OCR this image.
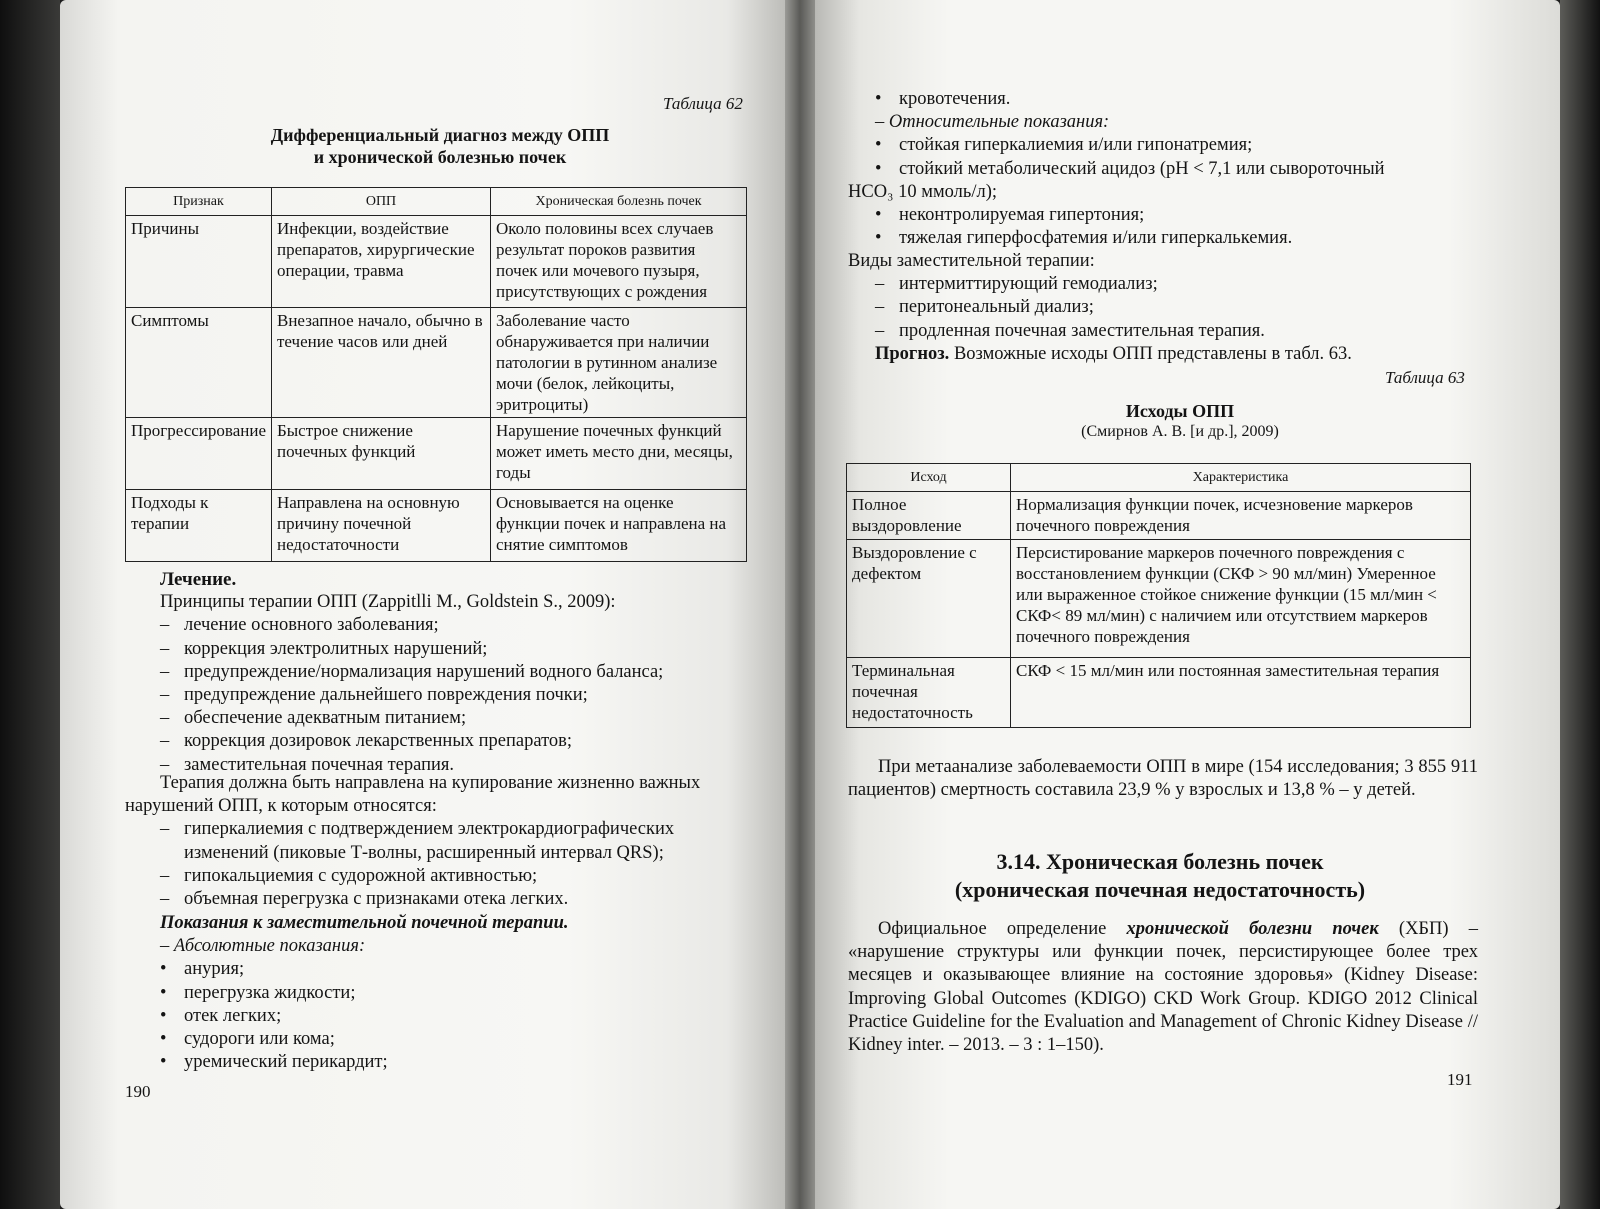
Таблица 62
Дифференциальный диагноз между ОПП
и хронической болезнью почек
Признак	ОПП	Хроническая болезнь почек
Причины	Инфекции, воздействие препаратов, хирургические операции, травма	Около половины всех случаев результат пороков развития почек или мочевого пузыря, присутствующих с рождения
Симптомы	Внезапное начало, обычно в течение часов или дней	Заболевание часто обнаруживается при наличии патологии в рутинном анализе мочи (белок, лейкоциты, эритроциты)
Прогрессирование	Быстрое снижение почечных функций	Нарушение почечных функций может иметь место дни, месяцы, годы
Подходы к терапии	Направлена на основную причину почечной недостаточности	Основывается на оценке функции почек и направлена на снятие симптомов
Лечение.
Принципы терапии ОПП (Zappitlli M., Goldstein S., 2009):
– лечение основного заболевания;
– коррекция электролитных нарушений;
– предупреждение/нормализация нарушений водного баланса;
– предупреждение дальнейшего повреждения почки;
– обеспечение адекватным питанием;
– коррекция дозировок лекарственных препаратов;
– заместительная почечная терапия.
Терапия должна быть направлена на купирование жизненно важных нарушений ОПП, к которым относятся:
– гиперкалиемия с подтверждением электрокардиографических изменений (пиковые Т-волны, расширенный интервал QRS);
– гипокальциемия с судорожной активностью;
– объемная перегрузка с признаками отека легких.
Показания к заместительной почечной терапии.
– Абсолютные показания:
• анурия;
• перегрузка жидкости;
• отек легких;
• судороги или кома;
• уремический перикардит;
190
• кровотечения.
– Относительные показания:
• стойкая гиперкалиемия и/или гипонатремия;
• стойкий метаболический ацидоз (pH < 7,1 или сывороточный
HCO₃ 10 ммоль/л);
• неконтролируемая гипертония;
• тяжелая гиперфосфатемия и/или гиперкалькемия.
Виды заместительной терапии:
– интермиттирующий гемодиализ;
– перитонеальный диализ;
– продленная почечная заместительная терапия.
Прогноз. Возможные исходы ОПП представлены в табл. 63.
Таблица 63
Исходы ОПП
(Смирнов А. В. [и др.], 2009)
Исход	Характеристика
Полное выздоровление	Нормализация функции почек, исчезновение маркеров почечного повреждения
Выздоровление с дефектом	Персистирование маркеров почечного повреждения с восстановлением функции (СКФ > 90 мл/мин) Умеренное или выраженное стойкое снижение функции (15 мл/мин < СКФ< 89 мл/мин) с наличием или отсутствием маркеров почечного повреждения
Терминальная почечная недостаточность	СКФ < 15 мл/мин или постоянная заместительная терапия
При метаанализе заболеваемости ОПП в мире (154 исследования; 3 855 911 пациентов) смертность составила 23,9 % у взрослых и 13,8 % – у детей.
3.14. Хроническая болезнь почек
(хроническая почечная недостаточность)
Официальное определение хронической болезни почек (ХБП) – «нарушение структуры или функции почек, персистирующее более трех месяцев и оказывающее влияние на состояние здоровья» (Kidney Disease: Improving Global Outcomes (KDIGO) CKD Work Group. KDIGO 2012 Clinical Practice Guideline for the Evaluation and Management of Chronic Kidney Disease // Kidney inter. – 2013. – 3 : 1–150).
191
